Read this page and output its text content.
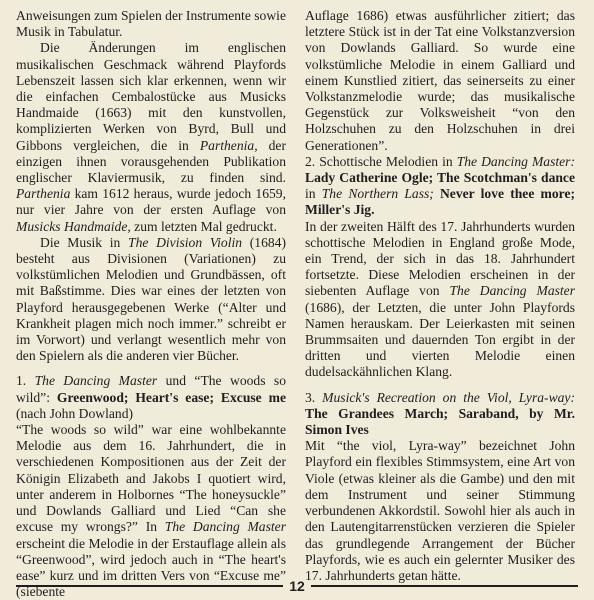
Anweisungen zum Spielen der Instrumente sowie Musik in Tabulatur.

Die Änderungen im englischen musikalischen Geschmack während Playfords Lebenszeit lassen sich klar erkennen, wenn wir die einfachen Cembalostücke aus Musicks Handmaide (1663) mit den kunstvollen, komplizierten Werken von Byrd, Bull und Gibbons vergleichen, die in Parthenia, der einzigen ihnen vorausgehenden Publikation englischer Klaviermusik, zu finden sind. Parthenia kam 1612 heraus, wurde jedoch 1659, nur vier Jahre von der ersten Auflage von Musicks Handmaide, zum letzten Mal gedruckt.

Die Musik in The Division Violin (1684) besteht aus Divisionen (Variationen) zu volkstümlichen Melodien und Grundbässen, oft mit Baßstimme. Dies war eines der letzten von Playford herausgegebenen Werke (“Alter und Krankheit plagen mich noch immer.” schreibt er im Vorwort) und verlangt wesentlich mehr von den Spielern als die anderen vier Bücher.

1. The Dancing Master und “The woods so wild”: Greenwood; Heart's ease; Excuse me (nach John Dowland)

“The woods so wild” war eine wohlbekannte Melodie aus dem 16. Jahrhundert, die in verschiedenen Kompositionen aus der Zeit der Königin Elizabeth and Jakobs I quotiert wird, unter anderem in Holbornes “The honeysuckle” und Dowlands Galliard und Lied “Can she excuse my wrongs?” In The Dancing Master erscheint die Melodie in der Erstauflage allein als “Greenwood”, wird jedoch auch in “The heart's ease” kurz und im dritten Vers von “Excuse me” (siebente

Auflage 1686) etwas ausführlicher zitiert; das letztere Stück ist in der Tat eine Volkstanzversion von Dowlands Galliard. So wurde eine volkstümliche Melodie in einem Galliard und einem Kunstlied zitiert, das seinerseits zu einer Volkstanzmelodie wurde; das musikalische Gegenstück zur Volksweisheit “von den Holzschuhen zu den Holzschuhen in drei Generationen”.

2. Schottische Melodien in The Dancing Master: Lady Catherine Ogle; The Scotchman's dance in The Northern Lass; Never love thee more; Miller's Jig.

In der zweiten Hälft des 17. Jahrhunderts wurden schottische Melodien in England große Mode, ein Trend, der sich in das 18. Jahrhundert fortsetzte. Diese Melodien erscheinen in der siebenten Auflage von The Dancing Master (1686), der Letzten, die unter John Playfords Namen herauskam. Der Leierkasten mit seinen Brummsaiten und dauernden Ton ergibt in der dritten und vierten Melodie einen dudelsackähnlichen Klang.

3. Musick's Recreation on the Viol, Lyra-way: The Grandees March; Saraband, by Mr. Simon Ives

Mit “the viol, Lyra-way” bezeichnet John Playford ein flexibles Stimmsystem, eine Art von Viole (etwas kleiner als die Gambe) und den mit dem Instrument und seiner Stimmung verbundenen Akkordstil. Sowohl hier als auch in den Lautengitarrenstücken verzieren die Spieler das grundlegende Arrangement der Bücher Playfords, wie es auch ein gelernter Musiker des 17. Jahrhunderts getan hätte.

12
